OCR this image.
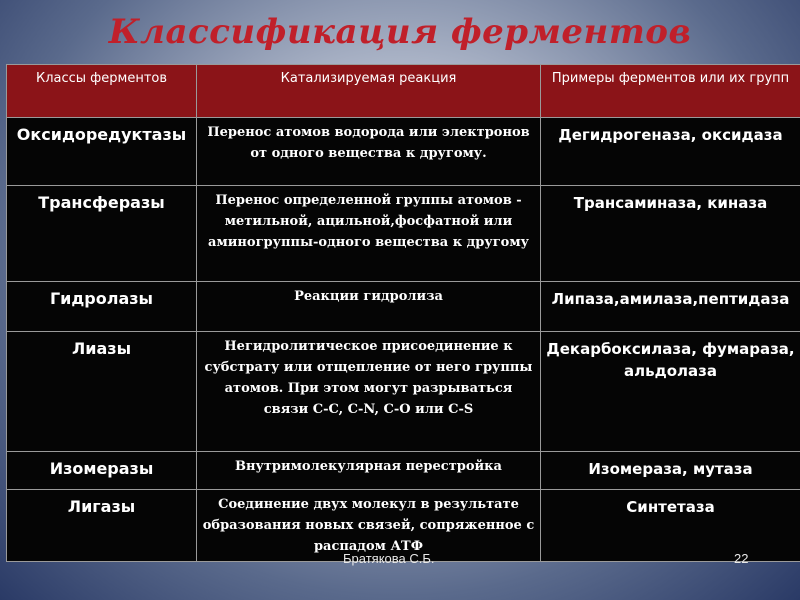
Классификация ферментов
Классы ферментов	Катализируемая реакция	Примеры ферментов или их групп
Оксидоредуктазы	Перенос атомов водорода или электронов от одного вещества к другому.	Дегидрогеназа, оксидаза
Трансферазы	Перенос определенной группы атомов - метильной, ацильной,фосфатной или аминогруппы-одного вещества к другому	Трансаминаза, киназа
Гидролазы	Реакции гидролиза	Липаза,амилаза,пептидаза
Лиазы	Негидролитическое присоединение к субстрату или отщепление от него группы атомов. При этом могут разрываться связи C-C, C-N, C-O или C-S	Декарбоксилаза, фумараза, альдолаза
Изомеразы	Внутримолекулярная перестройка	Изомераза, мутаза
Лигазы	Соединение двух молекул в результате образования новых связей, сопряженное с распадом АТФ	Синтетаза
Братякова С.Б.	22
